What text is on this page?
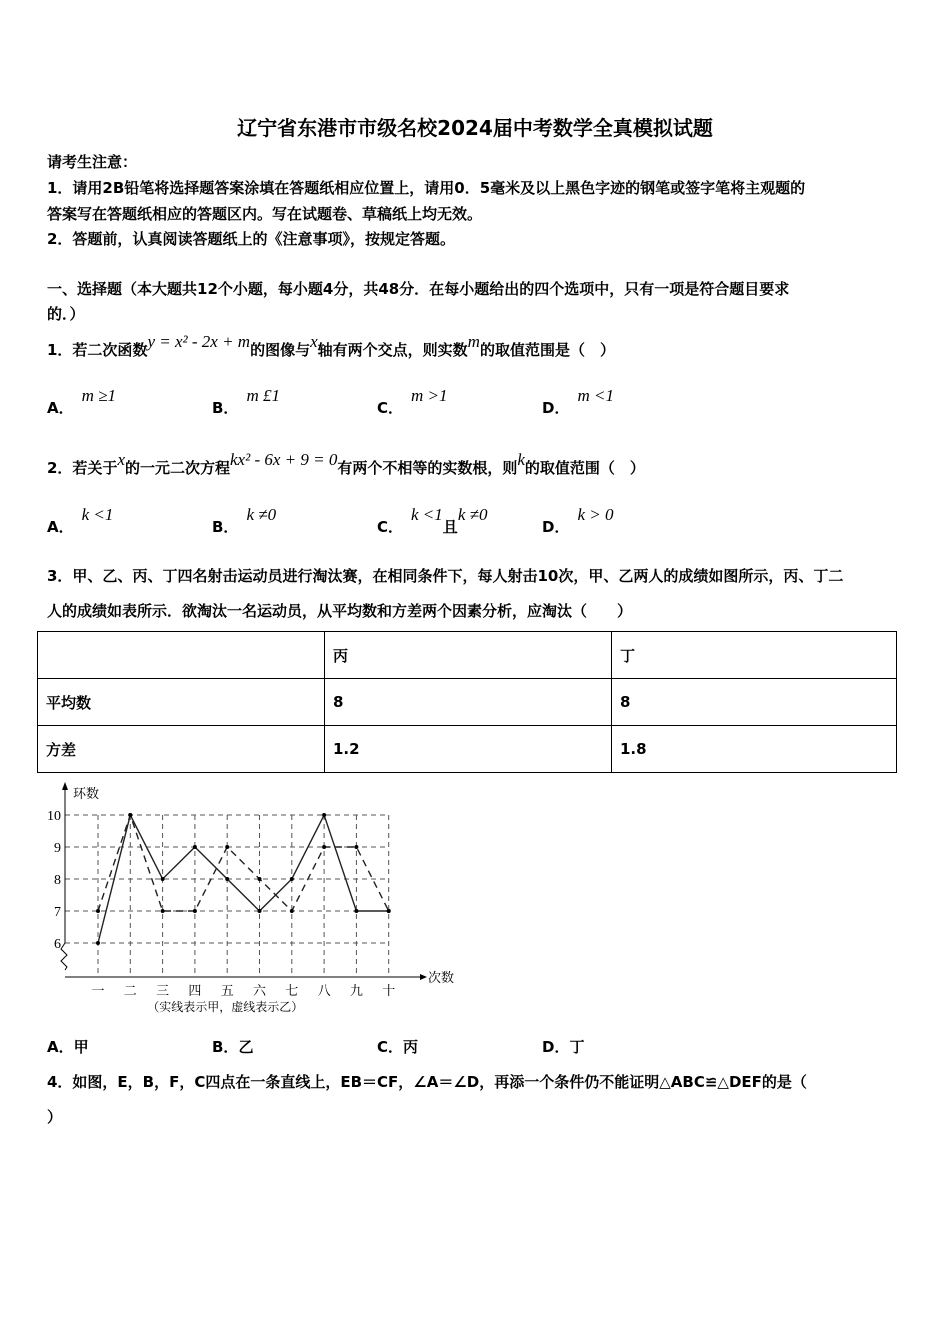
辽宁省东港市市级名校2024届中考数学全真模拟试题
请考生注意：
1．请用2B铅笔将选择题答案涂填在答题纸相应位置上，请用0．5毫米及以上黑色字迹的钢笔或签字笔将主观题的
答案写在答题纸相应的答题区内。写在试题卷、草稿纸上均无效。
2．答题前，认真阅读答题纸上的《注意事项》，按规定答题。
一、选择题（本大题共12个小题，每小题4分，共48分．在每小题给出的四个选项中，只有一项是符合题目要求
的．）
1．若二次函数y = x² - 2x + m的图像与x轴有两个交点，则实数m的取值范围是（　）
A．m ≥1
B．m £1
C．m >1
D．m <1
2．若关于x的一元二次方程kx² - 6x + 9 = 0有两个不相等的实数根，则k的取值范围（　）
A．k <1
B．k ≠0
C．k <1且k ≠0
D．k > 0
3．甲、乙、丙、丁四名射击运动员进行淘汰赛，在相同条件下，每人射击10次，甲、乙两人的成绩如图所示，丙、丁二
人的成绩如表所示．欲淘汰一名运动员，从平均数和方差两个因素分析，应淘汰（　　）
	丙	丁
平均数	8	8
方差	1.2	1.8
6
7
8
9
10
一 二 三 四 五 六 七 八 九 十
环数
次数
（实线表示甲，虚线表示乙）
A．甲	B．乙	C．丙	D．丁
4．如图，E，B，F，C四点在一条直线上，EB＝CF，∠A＝∠D，再添一个条件仍不能证明△ABC≌△DEF的是（
）
